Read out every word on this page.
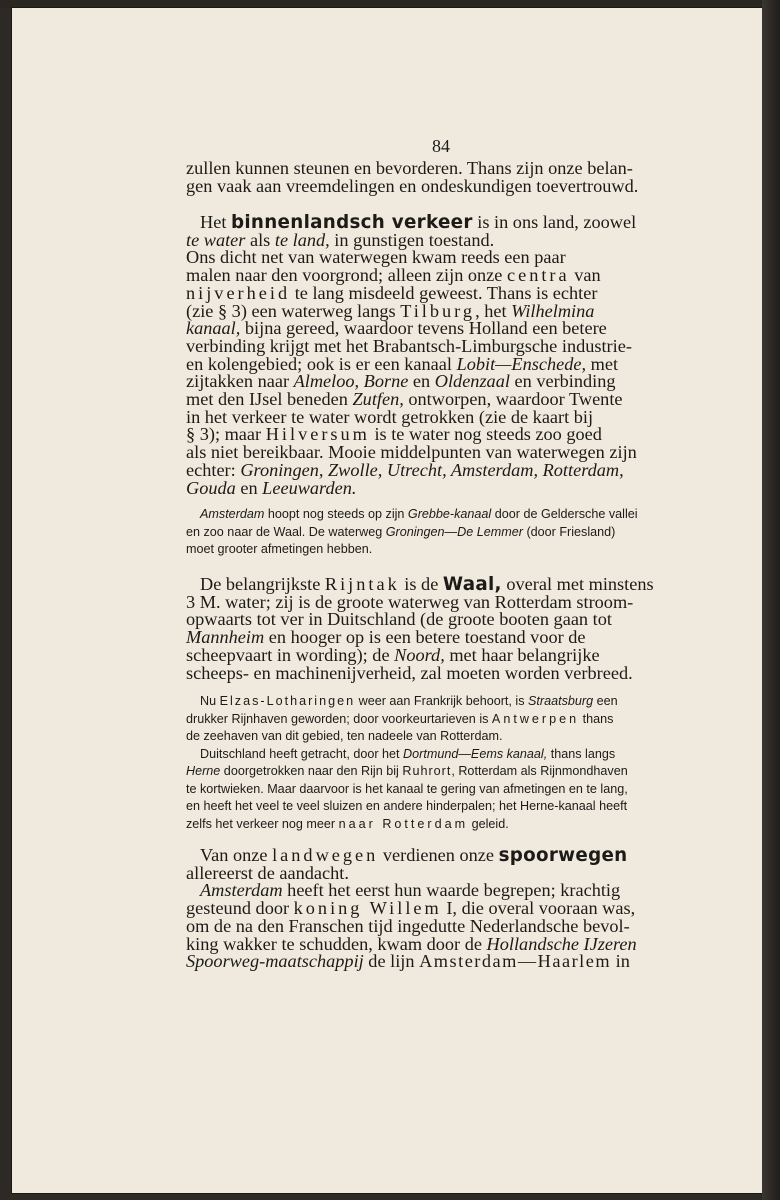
84
zullen kunnen steunen en bevorderen. Thans zijn onze belan-
gen vaak aan vreemdelingen en ondeskundigen toevertrouwd.
Het binnenlandsch verkeer is in ons land, zoowel
te water als te land, in gunstigen toestand.
Ons dicht net van waterwegen kwam reeds een paar
malen naar den voorgrond; alleen zijn onze centra van
nijverheid te lang misdeeld geweest. Thans is echter
(zie § 3) een waterweg langs Tilburg, het Wilhelmina
kanaal, bijna gereed, waardoor tevens Holland een betere
verbinding krijgt met het Brabantsch-Limburgsche industrie-
en kolengebied; ook is er een kanaal Lobit—Enschede, met
zijtakken naar Almeloo, Borne en Oldenzaal en verbinding
met den IJsel beneden Zutfen, ontworpen, waardoor Twente
in het verkeer te water wordt getrokken (zie de kaart bij
§ 3); maar Hilversum is te water nog steeds zoo goed
als niet bereikbaar. Mooie middelpunten van waterwegen zijn
echter: Groningen, Zwolle, Utrecht, Amsterdam, Rotterdam,
Gouda en Leeuwarden.
Amsterdam hoopt nog steeds op zijn Grebbe-kanaal door de Geldersche vallei
en zoo naar de Waal. De waterweg Groningen—De Lemmer (door Friesland)
moet grooter afmetingen hebben.
De belangrijkste Rijntak is de Waal, overal met minstens
3 M. water; zij is de groote waterweg van Rotterdam stroom-
opwaarts tot ver in Duitschland (de groote booten gaan tot
Mannheim en hooger op is een betere toestand voor de
scheepvaart in wording); de Noord, met haar belangrijke
scheeps- en machinenijverheid, zal moeten worden verbreed.
Nu Elzas-Lotharingen weer aan Frankrijk behoort, is Straatsburg een
drukker Rijnhaven geworden; door voorkeurtarieven is Antwerpen thans
de zeehaven van dit gebied, ten nadeele van Rotterdam.
Duitschland heeft getracht, door het Dortmund—Eems kanaal, thans langs
Herne doorgetrokken naar den Rijn bij Ruhrort, Rotterdam als Rijnmondhaven
te kortwieken. Maar daarvoor is het kanaal te gering van afmetingen en te lang,
en heeft het veel te veel sluizen en andere hinderpalen; het Herne-kanaal heeft
zelfs het verkeer nog meer naar Rotterdam geleid.
Van onze landwegen verdienen onze spoorwegen
allereerst de aandacht.
Amsterdam heeft het eerst hun waarde begrepen; krachtig
gesteund door koning Willem I, die overal vooraan was,
om de na den Franschen tijd ingedutte Nederlandsche bevol-
king wakker te schudden, kwam door de Hollandsche IJzeren
Spoorweg-maatschappij de lijn Amsterdam—Haarlem in
